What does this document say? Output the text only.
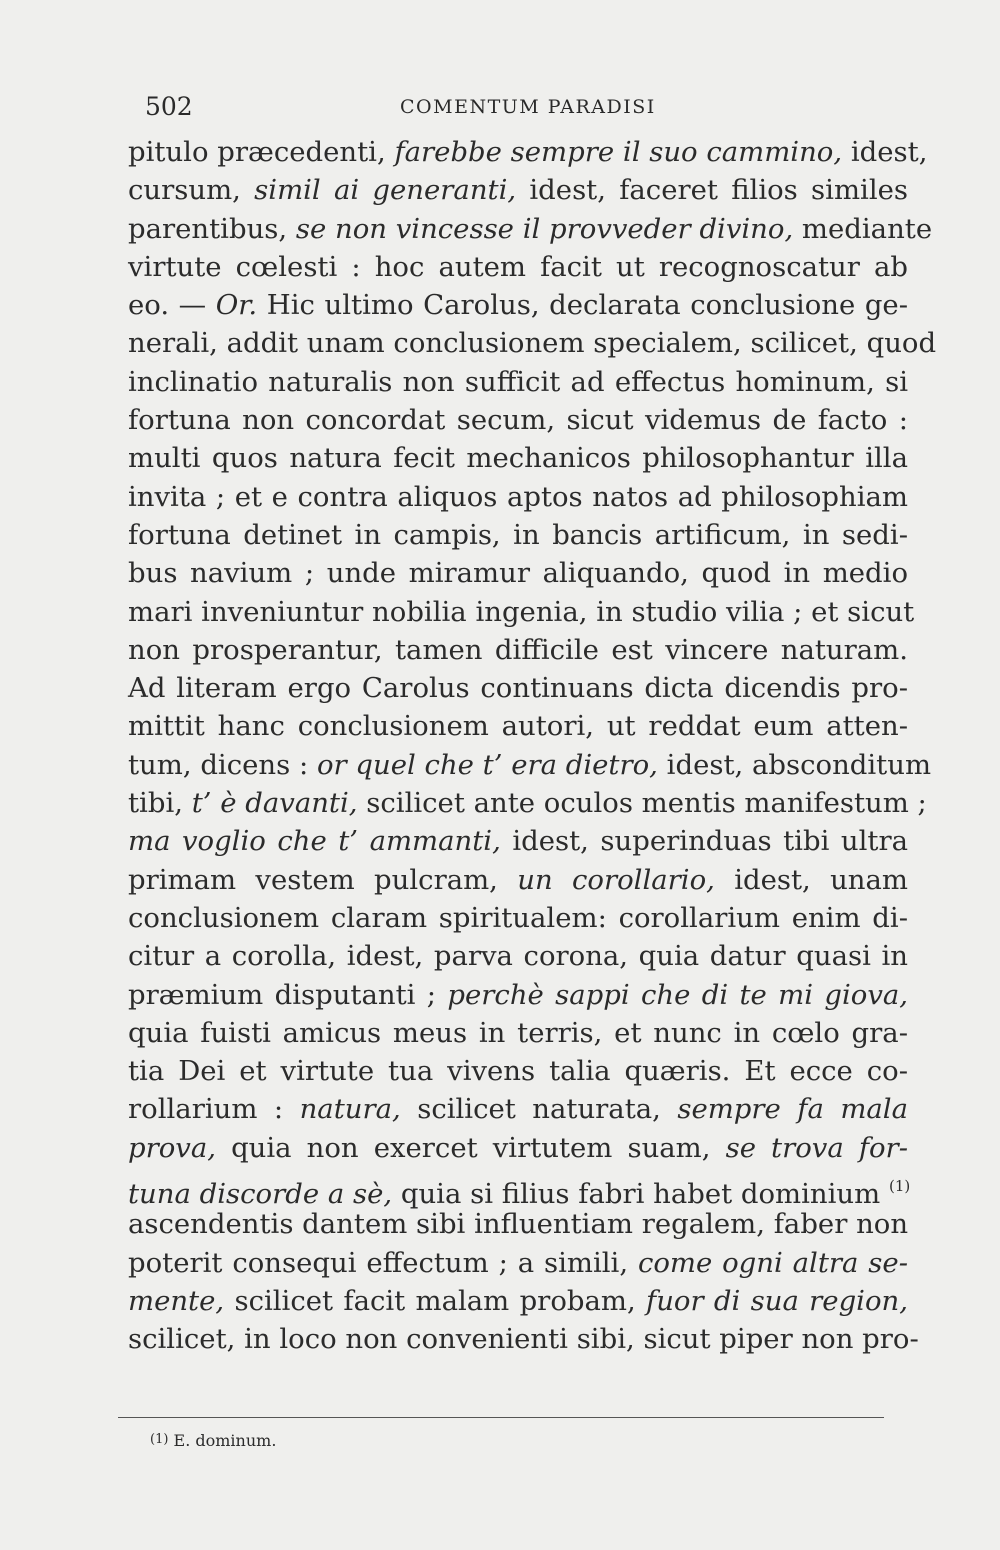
502	COMENTUM PARADISI
pitulo præcedenti, farebbe sempre il suo cammino, idest,
cursum, simil ai generanti, idest, faceret filios similes
parentibus, se non vincesse il provveder divino, mediante
virtute cœlesti : hoc autem facit ut recognoscatur ab
eo. — Or. Hic ultimo Carolus, declarata conclusione ge-
nerali, addit unam conclusionem specialem, scilicet, quod
inclinatio naturalis non sufficit ad effectus hominum, si
fortuna non concordat secum, sicut videmus de facto :
multi quos natura fecit mechanicos philosophantur illa
invita ; et e contra aliquos aptos natos ad philosophiam
fortuna detinet in campis, in bancis artificum, in sedi-
bus navium ; unde miramur aliquando, quod in medio
mari inveniuntur nobilia ingenia, in studio vilia ; et sicut
non prosperantur, tamen difficile est vincere naturam.
Ad literam ergo Carolus continuans dicta dicendis pro-
mittit hanc conclusionem autori, ut reddat eum atten-
tum, dicens : or quel che t’ era dietro, idest, absconditum
tibi, t’ è davanti, scilicet ante oculos mentis manifestum ;
ma voglio che t’ ammanti, idest, superinduas tibi ultra
primam vestem pulcram, un corollario, idest, unam
conclusionem claram spiritualem: corollarium enim di-
citur a corolla, idest, parva corona, quia datur quasi in
præmium disputanti ; perchè sappi che di te mi giova,
quia fuisti amicus meus in terris, et nunc in cœlo gra-
tia Dei et virtute tua vivens talia quæris. Et ecce co-
rollarium : natura, scilicet naturata, sempre fa mala
prova, quia non exercet virtutem suam, se trova for-
tuna discorde a sè, quia si filius fabri habet dominium $^{(1)}$
ascendentis dantem sibi influentiam regalem, faber non
poterit consequi effectum ; a simili, come ogni altra se-
mente, scilicet facit malam probam, fuor di sua region,
scilicet, in loco non convenienti sibi, sicut piper non pro-
(1) E. dominum.
